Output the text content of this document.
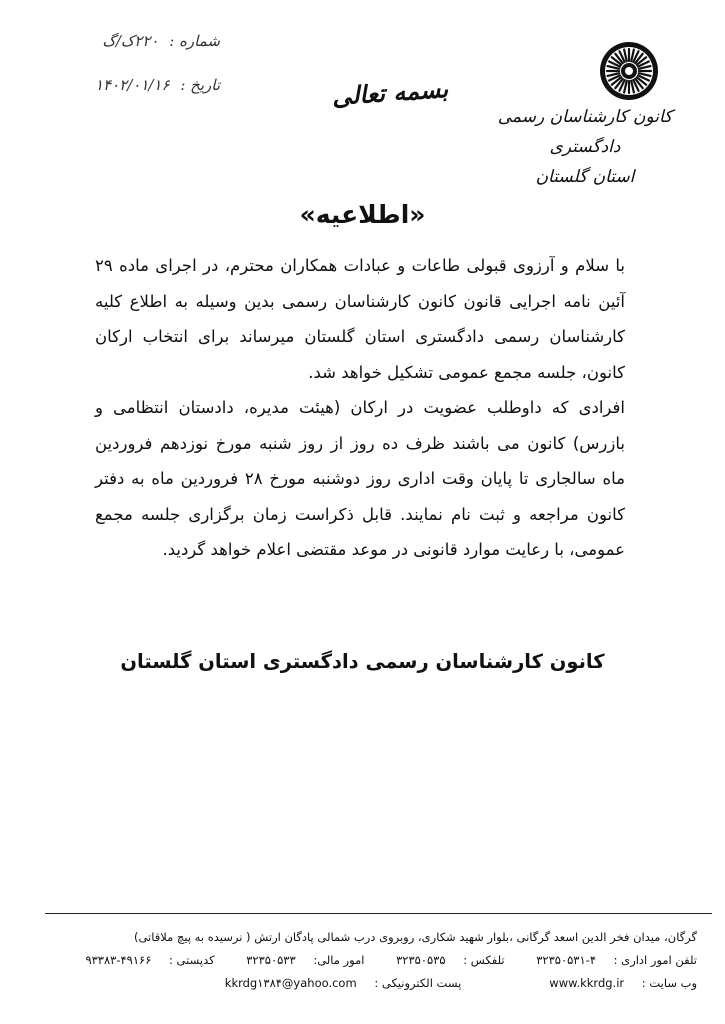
کانون کارشناسان رسمی دادگستری
استان گلستان
بسمه تعالی
شماره : ۲۲۰ک/گ
تاریخ : ۱۴۰۲/۰۱/۱۶
«اطلاعیه»

با سلام و آرزوی قبولی طاعات و عبادات همکاران محترم، در اجرای ماده ۲۹ آئین نامه اجرایی قانون کانون کارشناسان رسمی بدین وسیله به اطلاع کلیه کارشناسان رسمی دادگستری استان گلستان میرساند برای انتخاب ارکان کانون، جلسه مجمع عمومی تشکیل خواهد شد.

افرادی که داوطلب عضویت در ارکان (هیئت مدیره، دادستان انتظامی و بازرس) کانون می باشند ظرف ده روز از روز شنبه مورخ نوزدهم فروردین ماه سالجاری تا پایان وقت اداری روز دوشنبه مورخ ۲۸ فروردین ماه به دفتر کانون مراجعه و ثبت نام نمایند. قابل ذکراست زمان برگزاری جلسه مجمع عمومی، با رعایت موارد قانونی در موعد مقتضی اعلام خواهد گردید.

کانون کارشناسان رسمی دادگستری استان گلستان
گرگان، میدان فخر الدین اسعد گرگانی ،بلوار شهید شکاری، روبروی درب شمالی پادگان ارتش ( نرسیده به پیچ ملاقاتی)
تلفن امور اداری : ۴-۳۲۳۵۰۵۳۱ تلفکس : ۳۲۳۵۰۵۳۵ امور مالی: ۳۲۳۵۰۵۳۳ کدپستی : ۴۹۱۶۶-۹۳۳۸۳
وب سایت : www.kkrdg.ir
پست الکترونیکی : kkrdg۱۳۸۴@yahoo.com
